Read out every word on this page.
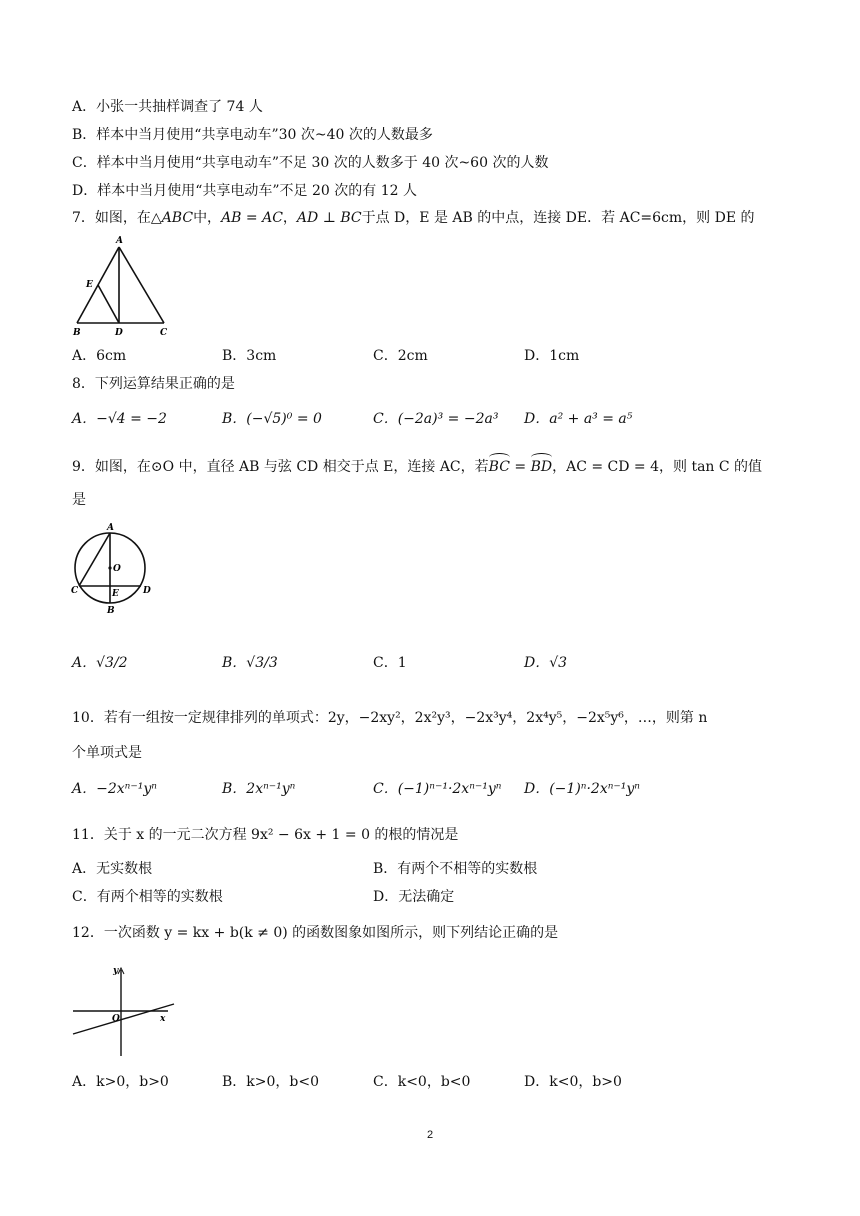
A．小张一共抽样调查了 74 人
B．样本中当月使用“共享电动车”30 次~40 次的人数最多
C．样本中当月使用“共享电动车”不足 30 次的人数多于 40 次~60 次的人数
D．样本中当月使用“共享电动车”不足 20 次的有 12 人
7．如图，在△ABC中，AB = AC，AD ⊥ BC于点 D，E 是 AB 的中点，连接 DE．若 AC=6cm，则 DE 的
A
E
B	D	C
A．6cm	B．3cm	C．2cm	D．1cm
8．下列运算结果正确的是
A．−√4 = −2	B．(−√5)⁰ = 0	C．(−2a)³ = −2a³ D．a² + a³ = a⁵
9．如图，在⊙O 中，直径 AB 与弦 CD 相交于点 E，连接 AC，若BC = BD，AC = CD = 4，则 tan C 的值
是
A
O
C	E	D
B
A．√3/2	B．√3/3	C．1	D．√3
10．若有一组按一定规律排列的单项式：2y，−2xy²，2x²y³，−2x³y⁴，2x⁴y⁵，−2x⁵y⁶，…，则第 n
个单项式是
A．−2xⁿ⁻¹yⁿ	B．2xⁿ⁻¹yⁿ	C．(−1)ⁿ⁻¹·2xⁿ⁻¹yⁿ D．(−1)ⁿ·2xⁿ⁻¹yⁿ
11．关于 x 的一元二次方程 9x² − 6x + 1 = 0 的根的情况是
A．无实数根	B．有两个不相等的实数根
C．有两个相等的实数根	D．无法确定
12．一次函数 y = kx + b(k ≠ 0) 的函数图象如图所示，则下列结论正确的是
y
O	x
A．k>0，b>0	B．k>0，b<0	C．k<0，b<0	D．k<0，b>0
2
